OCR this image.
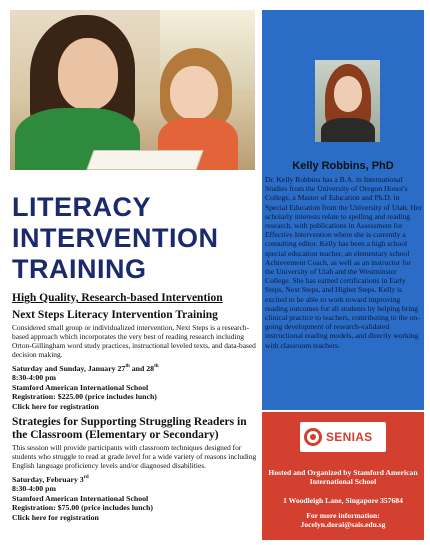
LITERACY
INTERVENTION
TRAINING
High Quality, Research-based Intervention
Next Steps Literacy Intervention Training
Considered small group or individualized intervention, Next Steps is a research-based approach which incorporates the very best of reading research including Orton-Gillingham word study practices, instructional leveled texts, and data-based decision making.
Saturday and Sunday, January 27th and 28th
8:30-4:00 pm
Stamford American International School
Registration: $225.00 (price includes lunch)
Click here for registration
Strategies for Supporting Struggling Readers in the Classroom (Elementary or Secondary)
This session will provide participants with classroom techniques designed for students who struggle to read at grade level for a wide variety of reasons including English language proficiency levels and/or diagnosed disabilities.
Saturday, February 3rd
8:30-4:00 pm
Stamford American International School
Registration: $75.00 (price includes lunch)
Click here for registration
Kelly Robbins, PhD
Dr. Kelly Robbins has a B.A. in International Studies from the University of Oregon Honor's College, a Master of Education and Ph.D. in Special Education from the University of Utah. Her scholarly interests relate to spelling and reading research, with publications in Assessment for Effective Intervention where she is currently a consulting editor. Kelly has been a high school special education teacher, an elementary school Achievement Coach, as well as an instructor for the University of Utah and the Westminster College. She has earned certifications in Early Steps, Next Steps, and Higher Steps. Kelly is excited to be able to work toward improving reading outcomes for all students by helping bring clinical practice to teachers, contributing to the on-going development of research-validated instructional reading models, and directly working with classroom teachers.
SENIAS
Hosted and Organized by Stamford American International School
1 Woodleigh Lane, Singapore 357684
For more information:
Jocelyn.dorai@sais.edu.sg
